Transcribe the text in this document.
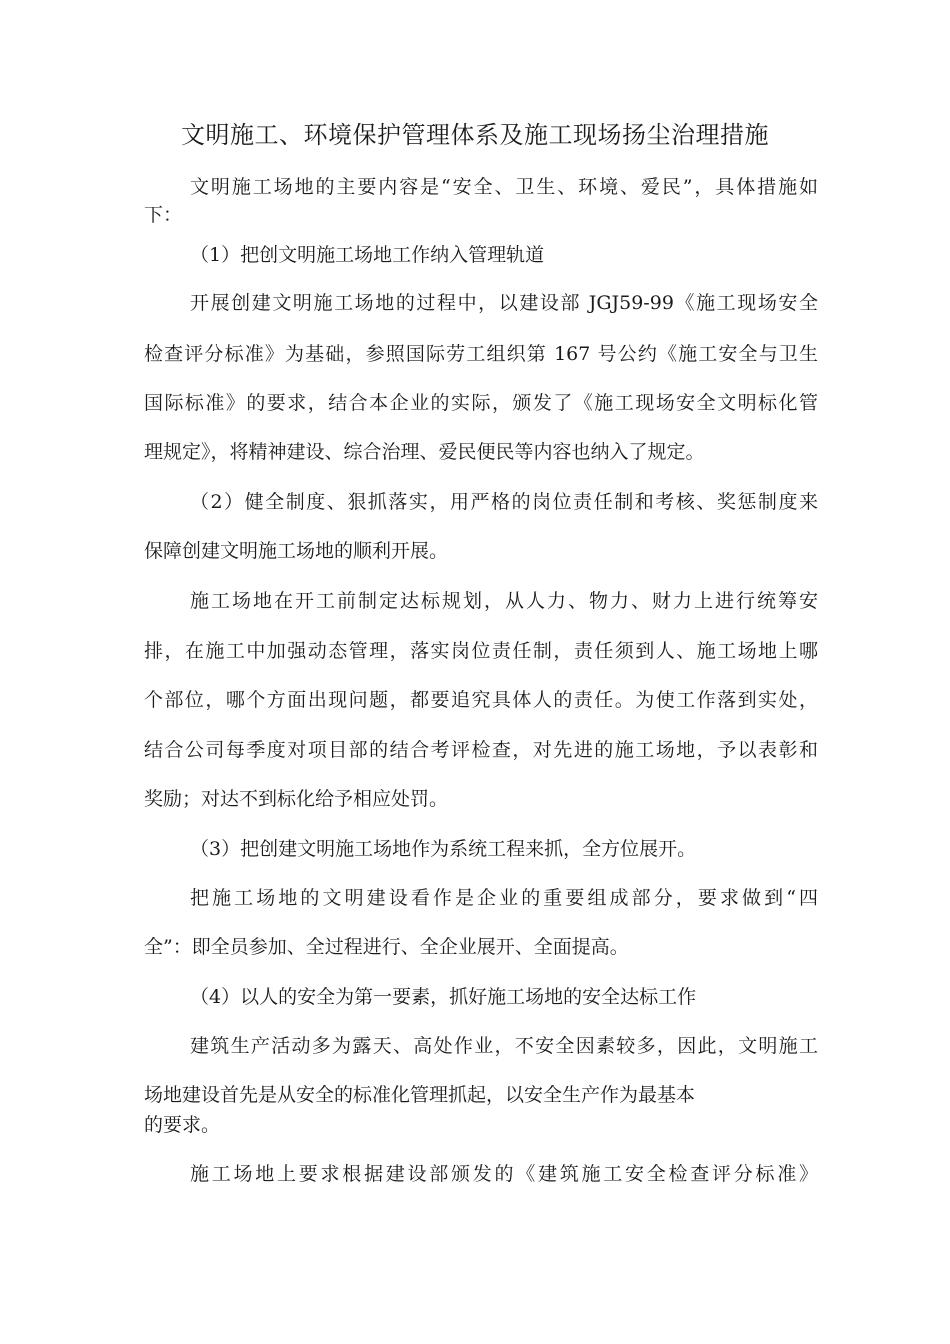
文明施工、环境保护管理体系及施工现场扬尘治理措施
文明施工场地的主要内容是“安全、卫生、环境、爱民”，具体措施如
下：
（1）把创文明施工场地工作纳入管理轨道
开展创建文明施工场地的过程中，以建设部 JGJ59-99《施工现场安全
检查评分标准》为基础，参照国际劳工组织第 167 号公约《施工安全与卫生
国际标准》的要求，结合本企业的实际，颁发了《施工现场安全文明标化管
理规定》，将精神建设、综合治理、爱民便民等内容也纳入了规定。
（2）健全制度、狠抓落实，用严格的岗位责任制和考核、奖惩制度来
保障创建文明施工场地的顺利开展。
施工场地在开工前制定达标规划，从人力、物力、财力上进行统筹安
排，在施工中加强动态管理，落实岗位责任制，责任须到人、施工场地上哪
个部位，哪个方面出现问题，都要追究具体人的责任。为使工作落到实处，
结合公司每季度对项目部的结合考评检查，对先进的施工场地，予以表彰和
奖励；对达不到标化给予相应处罚。
（3）把创建文明施工场地作为系统工程来抓，全方位展开。
把施工场地的文明建设看作是企业的重要组成部分，要求做到“四
全”：即全员参加、全过程进行、全企业展开、全面提高。
（4）以人的安全为第一要素，抓好施工场地的安全达标工作
建筑生产活动多为露天、高处作业，不安全因素较多，因此，文明施工
场地建设首先是从安全的标准化管理抓起，以安全生产作为最基本
的要求。
施工场地上要求根据建设部颁发的《建筑施工安全检查评分标准》
